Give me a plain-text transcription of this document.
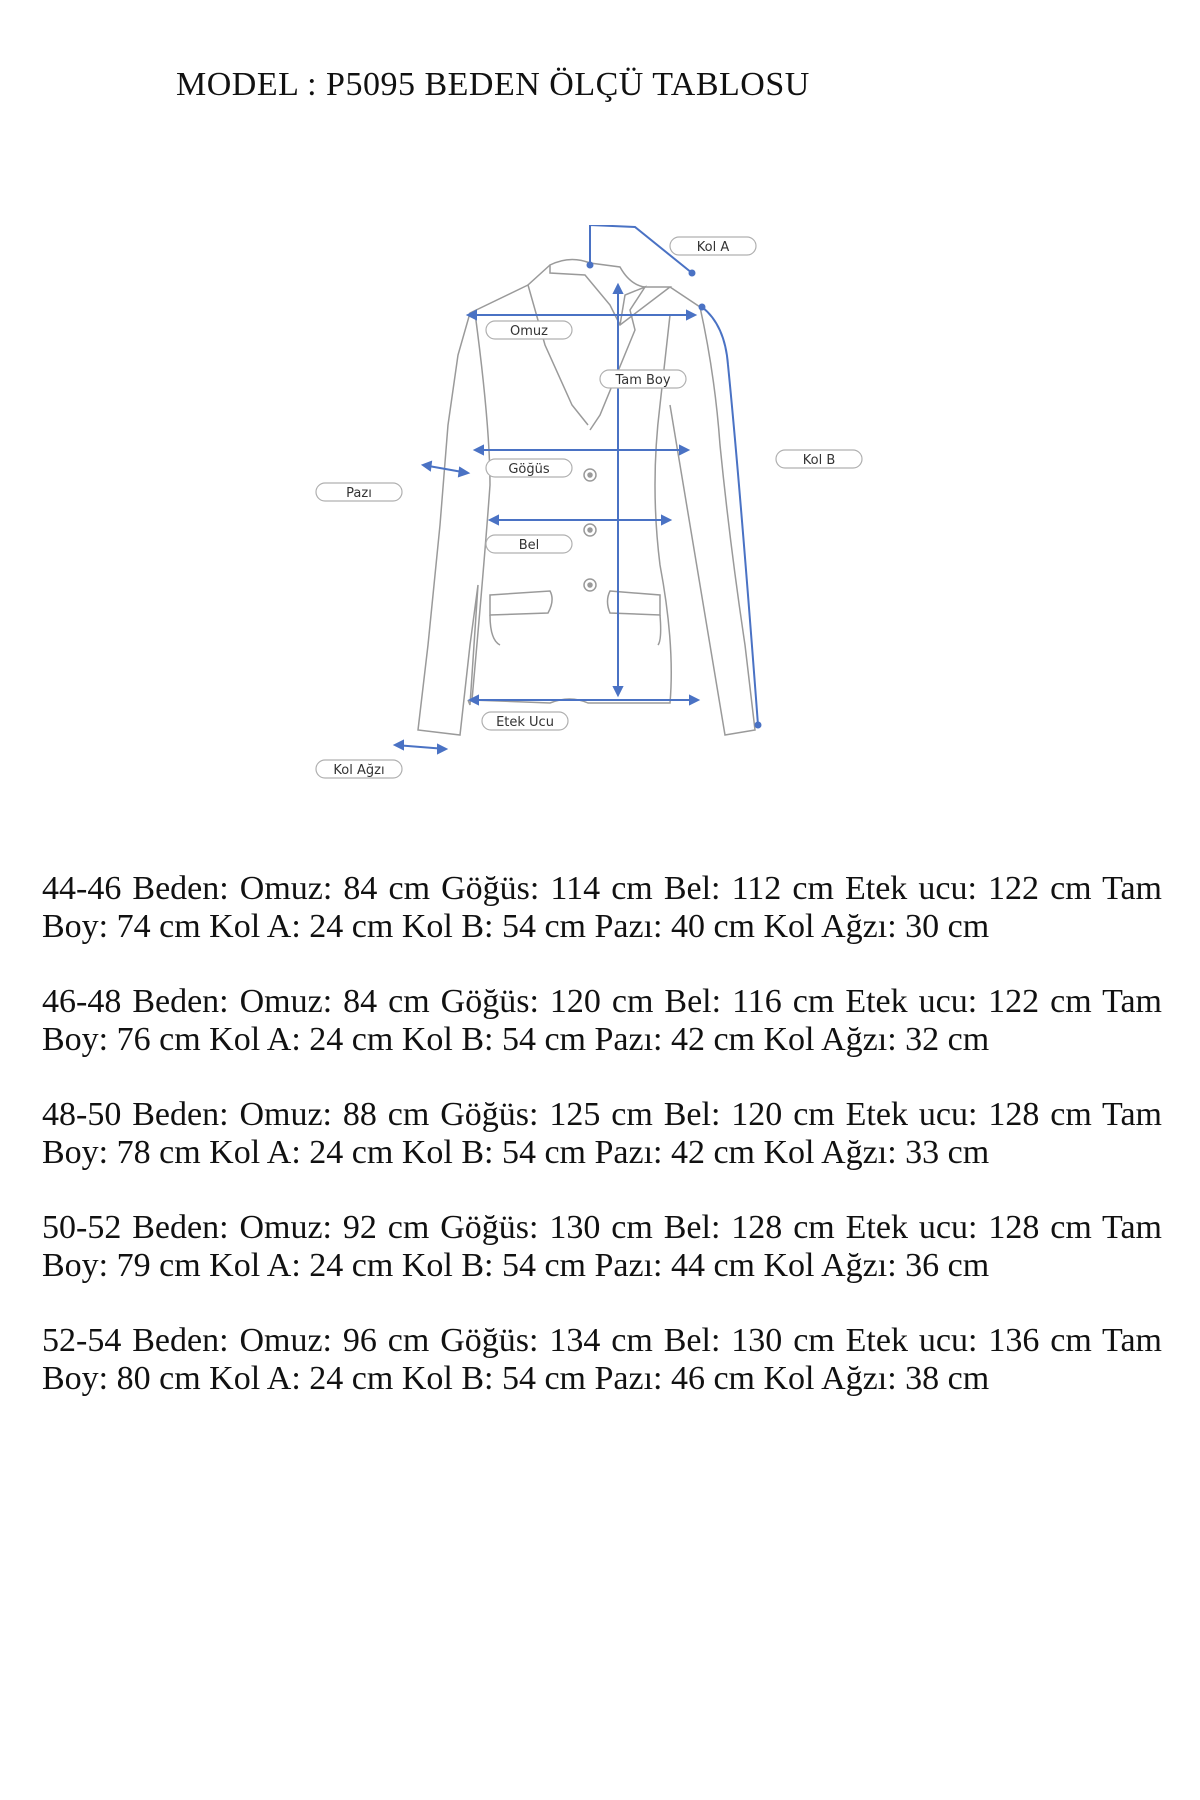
MODEL : P5095 BEDEN ÖLÇÜ TABLOSU
Kol A
Omuz
Tam Boy
Kol B
Pazı
Göğüs
Bel
Etek Ucu
Kol Ağzı
44-46 Beden: Omuz: 84 cm Göğüs: 114 cm Bel: 112 cm Etek ucu: 122 cm Tam
Boy: 74 cm Kol A: 24 cm Kol B: 54 cm Pazı: 40 cm Kol Ağzı: 30 cm
46-48 Beden: Omuz: 84 cm Göğüs: 120 cm Bel: 116 cm Etek ucu: 122 cm Tam
Boy: 76 cm Kol A: 24 cm Kol B: 54 cm Pazı: 42 cm Kol Ağzı: 32 cm
48-50 Beden: Omuz: 88 cm Göğüs: 125 cm Bel: 120 cm Etek ucu: 128 cm Tam
Boy: 78 cm Kol A: 24 cm Kol B: 54 cm Pazı: 42 cm Kol Ağzı: 33 cm
50-52 Beden: Omuz: 92 cm Göğüs: 130 cm Bel: 128 cm Etek ucu: 128 cm Tam
Boy: 79 cm Kol A: 24 cm Kol B: 54 cm Pazı: 44 cm Kol Ağzı: 36 cm
52-54 Beden: Omuz: 96 cm Göğüs: 134 cm Bel: 130 cm Etek ucu: 136 cm Tam
Boy: 80 cm Kol A: 24 cm Kol B: 54 cm Pazı: 46 cm Kol Ağzı: 38 cm
